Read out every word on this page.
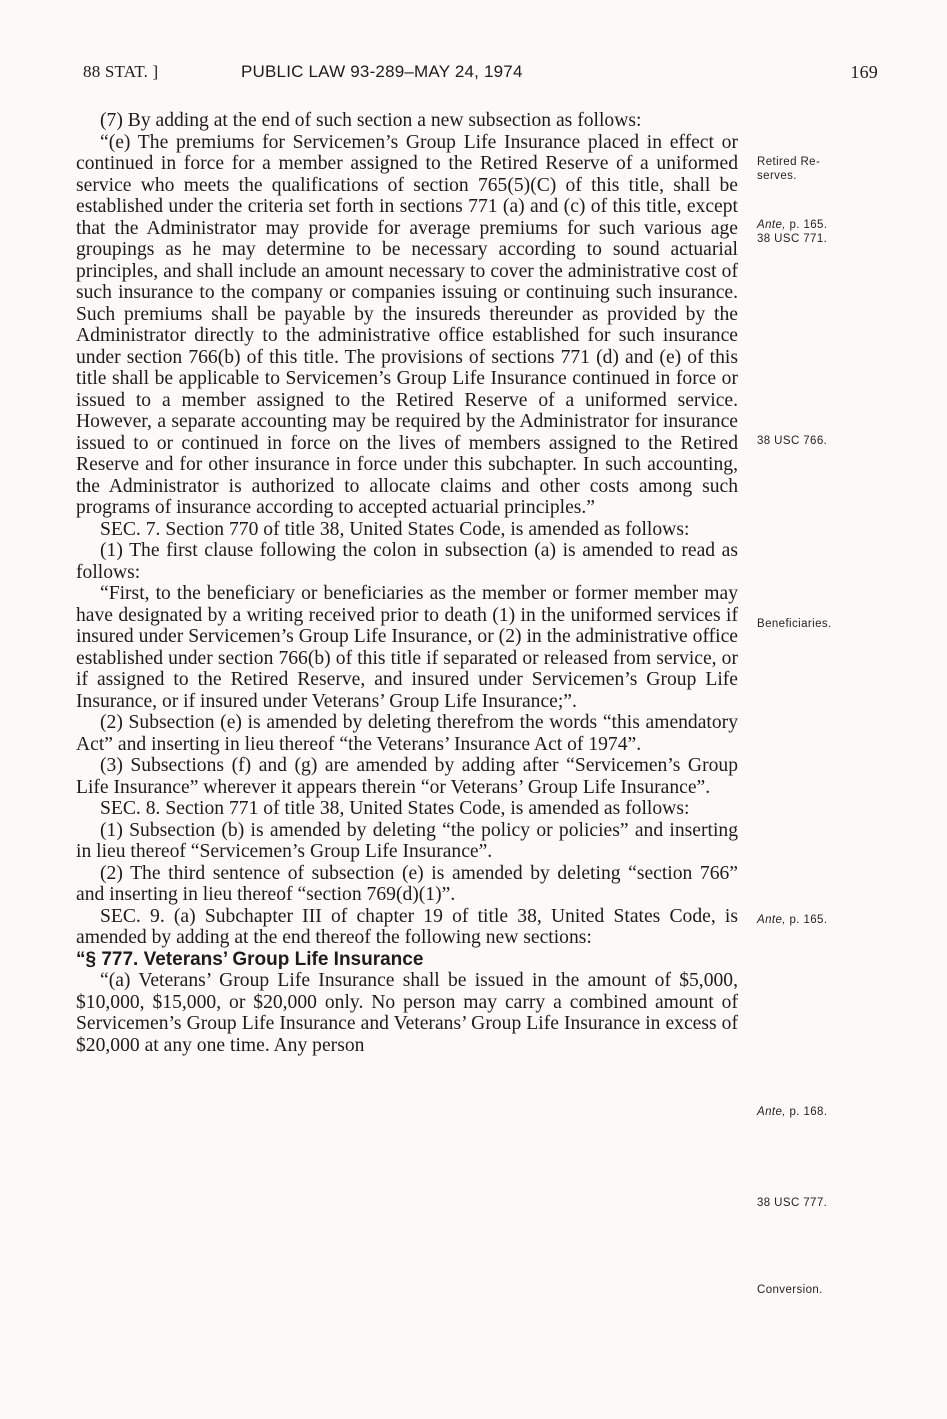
88 STAT. ]	PUBLIC LAW 93-289–MAY 24, 1974	169

(7) By adding at the end of such section a new subsection as follows:

“(e) The premiums for Servicemen’s Group Life Insurance placed in effect or continued in force for a member assigned to the Retired Reserve of a uniformed service who meets the qualifications of section 765(5)(C) of this title, shall be established under the criteria set forth in sections 771 (a) and (c) of this title, except that the Administrator may provide for average premiums for such various age groupings as he may determine to be necessary according to sound actuarial principles, and shall include an amount necessary to cover the administrative cost of such insurance to the company or companies issuing or continuing such insurance. Such premiums shall be payable by the insureds thereunder as provided by the Administrator directly to the administrative office established for such insurance under section 766(b) of this title. The provisions of sections 771 (d) and (e) of this title shall be applicable to Servicemen’s Group Life Insurance continued in force or issued to a member assigned to the Retired Reserve of a uniformed service. However, a separate accounting may be required by the Administrator for insurance issued to or continued in force on the lives of members assigned to the Retired Reserve and for other insurance in force under this subchapter. In such accounting, the Administrator is authorized to allocate claims and other costs among such programs of insurance according to accepted actuarial principles.”

SEC. 7. Section 770 of title 38, United States Code, is amended as follows:

(1) The first clause following the colon in subsection (a) is amended to read as follows:

“First, to the beneficiary or beneficiaries as the member or former member may have designated by a writing received prior to death (1) in the uniformed services if insured under Servicemen’s Group Life Insurance, or (2) in the administrative office established under section 766(b) of this title if separated or released from service, or if assigned to the Retired Reserve, and insured under Servicemen’s Group Life Insurance, or if insured under Veterans’ Group Life Insurance;”.

(2) Subsection (e) is amended by deleting therefrom the words “this amendatory Act” and inserting in lieu thereof “the Veterans’ Insurance Act of 1974”.

(3) Subsections (f) and (g) are amended by adding after “Servicemen’s Group Life Insurance” wherever it appears therein “or Veterans’ Group Life Insurance”.

SEC. 8. Section 771 of title 38, United States Code, is amended as follows:

(1) Subsection (b) is amended by deleting “the policy or policies” and inserting in lieu thereof “Servicemen’s Group Life Insurance”.

(2) The third sentence of subsection (e) is amended by deleting “section 766” and inserting in lieu thereof “section 769(d)(1)”.

SEC. 9. (a) Subchapter III of chapter 19 of title 38, United States Code, is amended by adding at the end thereof the following new sections:

“§ 777. Veterans’ Group Life Insurance

“(a) Veterans’ Group Life Insurance shall be issued in the amount of $5,000, $10,000, $15,000, or $20,000 only. No person may carry a combined amount of Servicemen’s Group Life Insurance and Veterans’ Group Life Insurance in excess of $20,000 at any one time. Any person

Retired Re-
serves.
Ante, p. 165.
38 USC 771.
38 USC 766.
Beneficiaries.
Ante, p. 165.
Ante, p. 168.
38 USC 777.
Conversion.
